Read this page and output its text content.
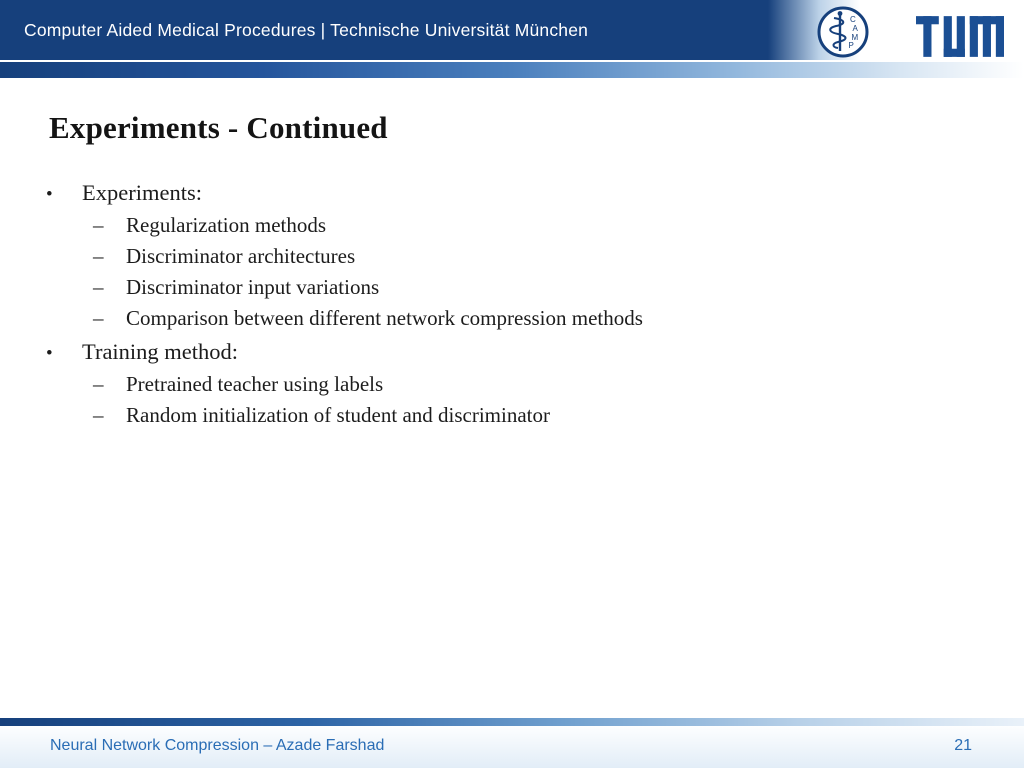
Computer Aided Medical Procedures | Technische Universität München
C
A
M
P
Experiments - Continued
•	Experiments:
–	Regularization methods
–	Discriminator architectures
–	Discriminator input variations
–	Comparison between different network compression methods
•	Training method:
–	Pretrained teacher using labels
–	Random initialization of student and discriminator
Neural Network Compression – Azade Farshad	21
